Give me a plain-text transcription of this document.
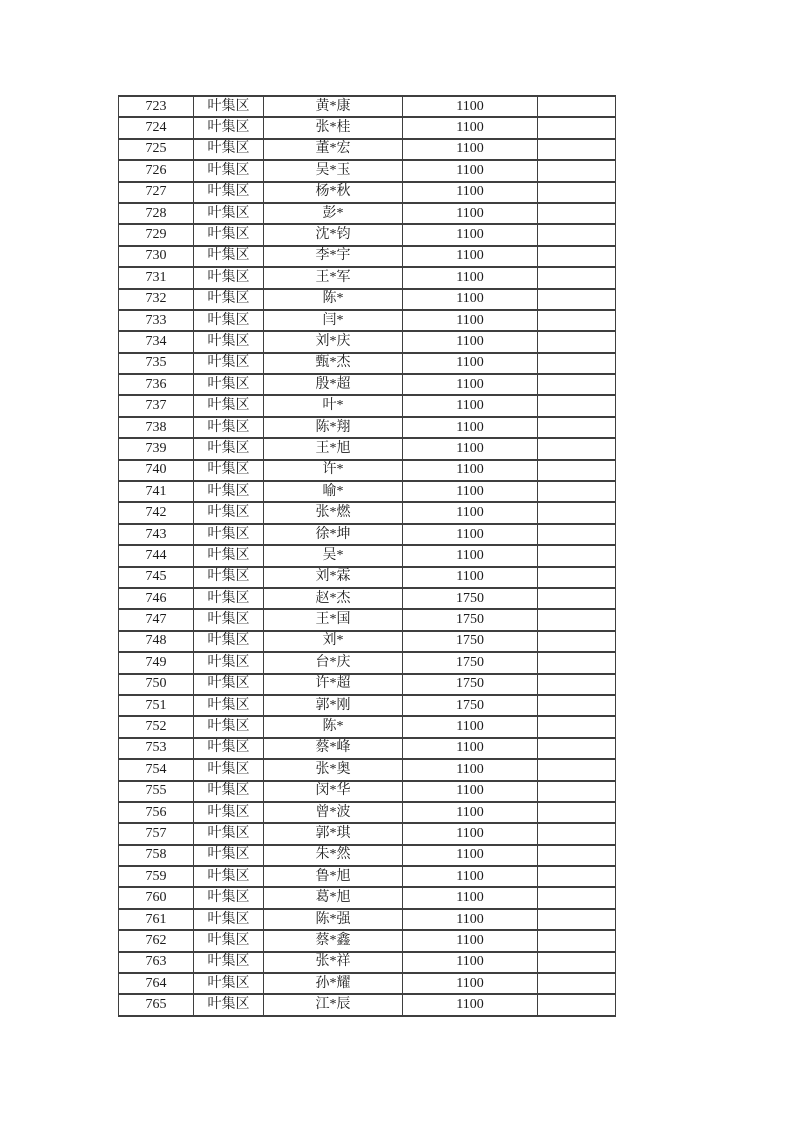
723	叶集区	黄*康	1100	
724	叶集区	张*桂	1100	
725	叶集区	董*宏	1100	
726	叶集区	吴*玉	1100	
727	叶集区	杨*秋	1100	
728	叶集区	彭*	1100	
729	叶集区	沈*钧	1100	
730	叶集区	李*宇	1100	
731	叶集区	王*军	1100	
732	叶集区	陈*	1100	
733	叶集区	闫*	1100	
734	叶集区	刘*庆	1100	
735	叶集区	甄*杰	1100	
736	叶集区	殷*超	1100	
737	叶集区	叶*	1100	
738	叶集区	陈*翔	1100	
739	叶集区	王*旭	1100	
740	叶集区	许*	1100	
741	叶集区	喻*	1100	
742	叶集区	张*燃	1100	
743	叶集区	徐*坤	1100	
744	叶集区	吴*	1100	
745	叶集区	刘*霖	1100	
746	叶集区	赵*杰	1750	
747	叶集区	王*国	1750	
748	叶集区	刘*	1750	
749	叶集区	台*庆	1750	
750	叶集区	许*超	1750	
751	叶集区	郭*刚	1750	
752	叶集区	陈*	1100	
753	叶集区	蔡*峰	1100	
754	叶集区	张*奥	1100	
755	叶集区	闵*华	1100	
756	叶集区	曾*波	1100	
757	叶集区	郭*琪	1100	
758	叶集区	朱*然	1100	
759	叶集区	鲁*旭	1100	
760	叶集区	葛*旭	1100	
761	叶集区	陈*强	1100	
762	叶集区	蔡*鑫	1100	
763	叶集区	张*祥	1100	
764	叶集区	孙*耀	1100	
765	叶集区	江*辰	1100	
